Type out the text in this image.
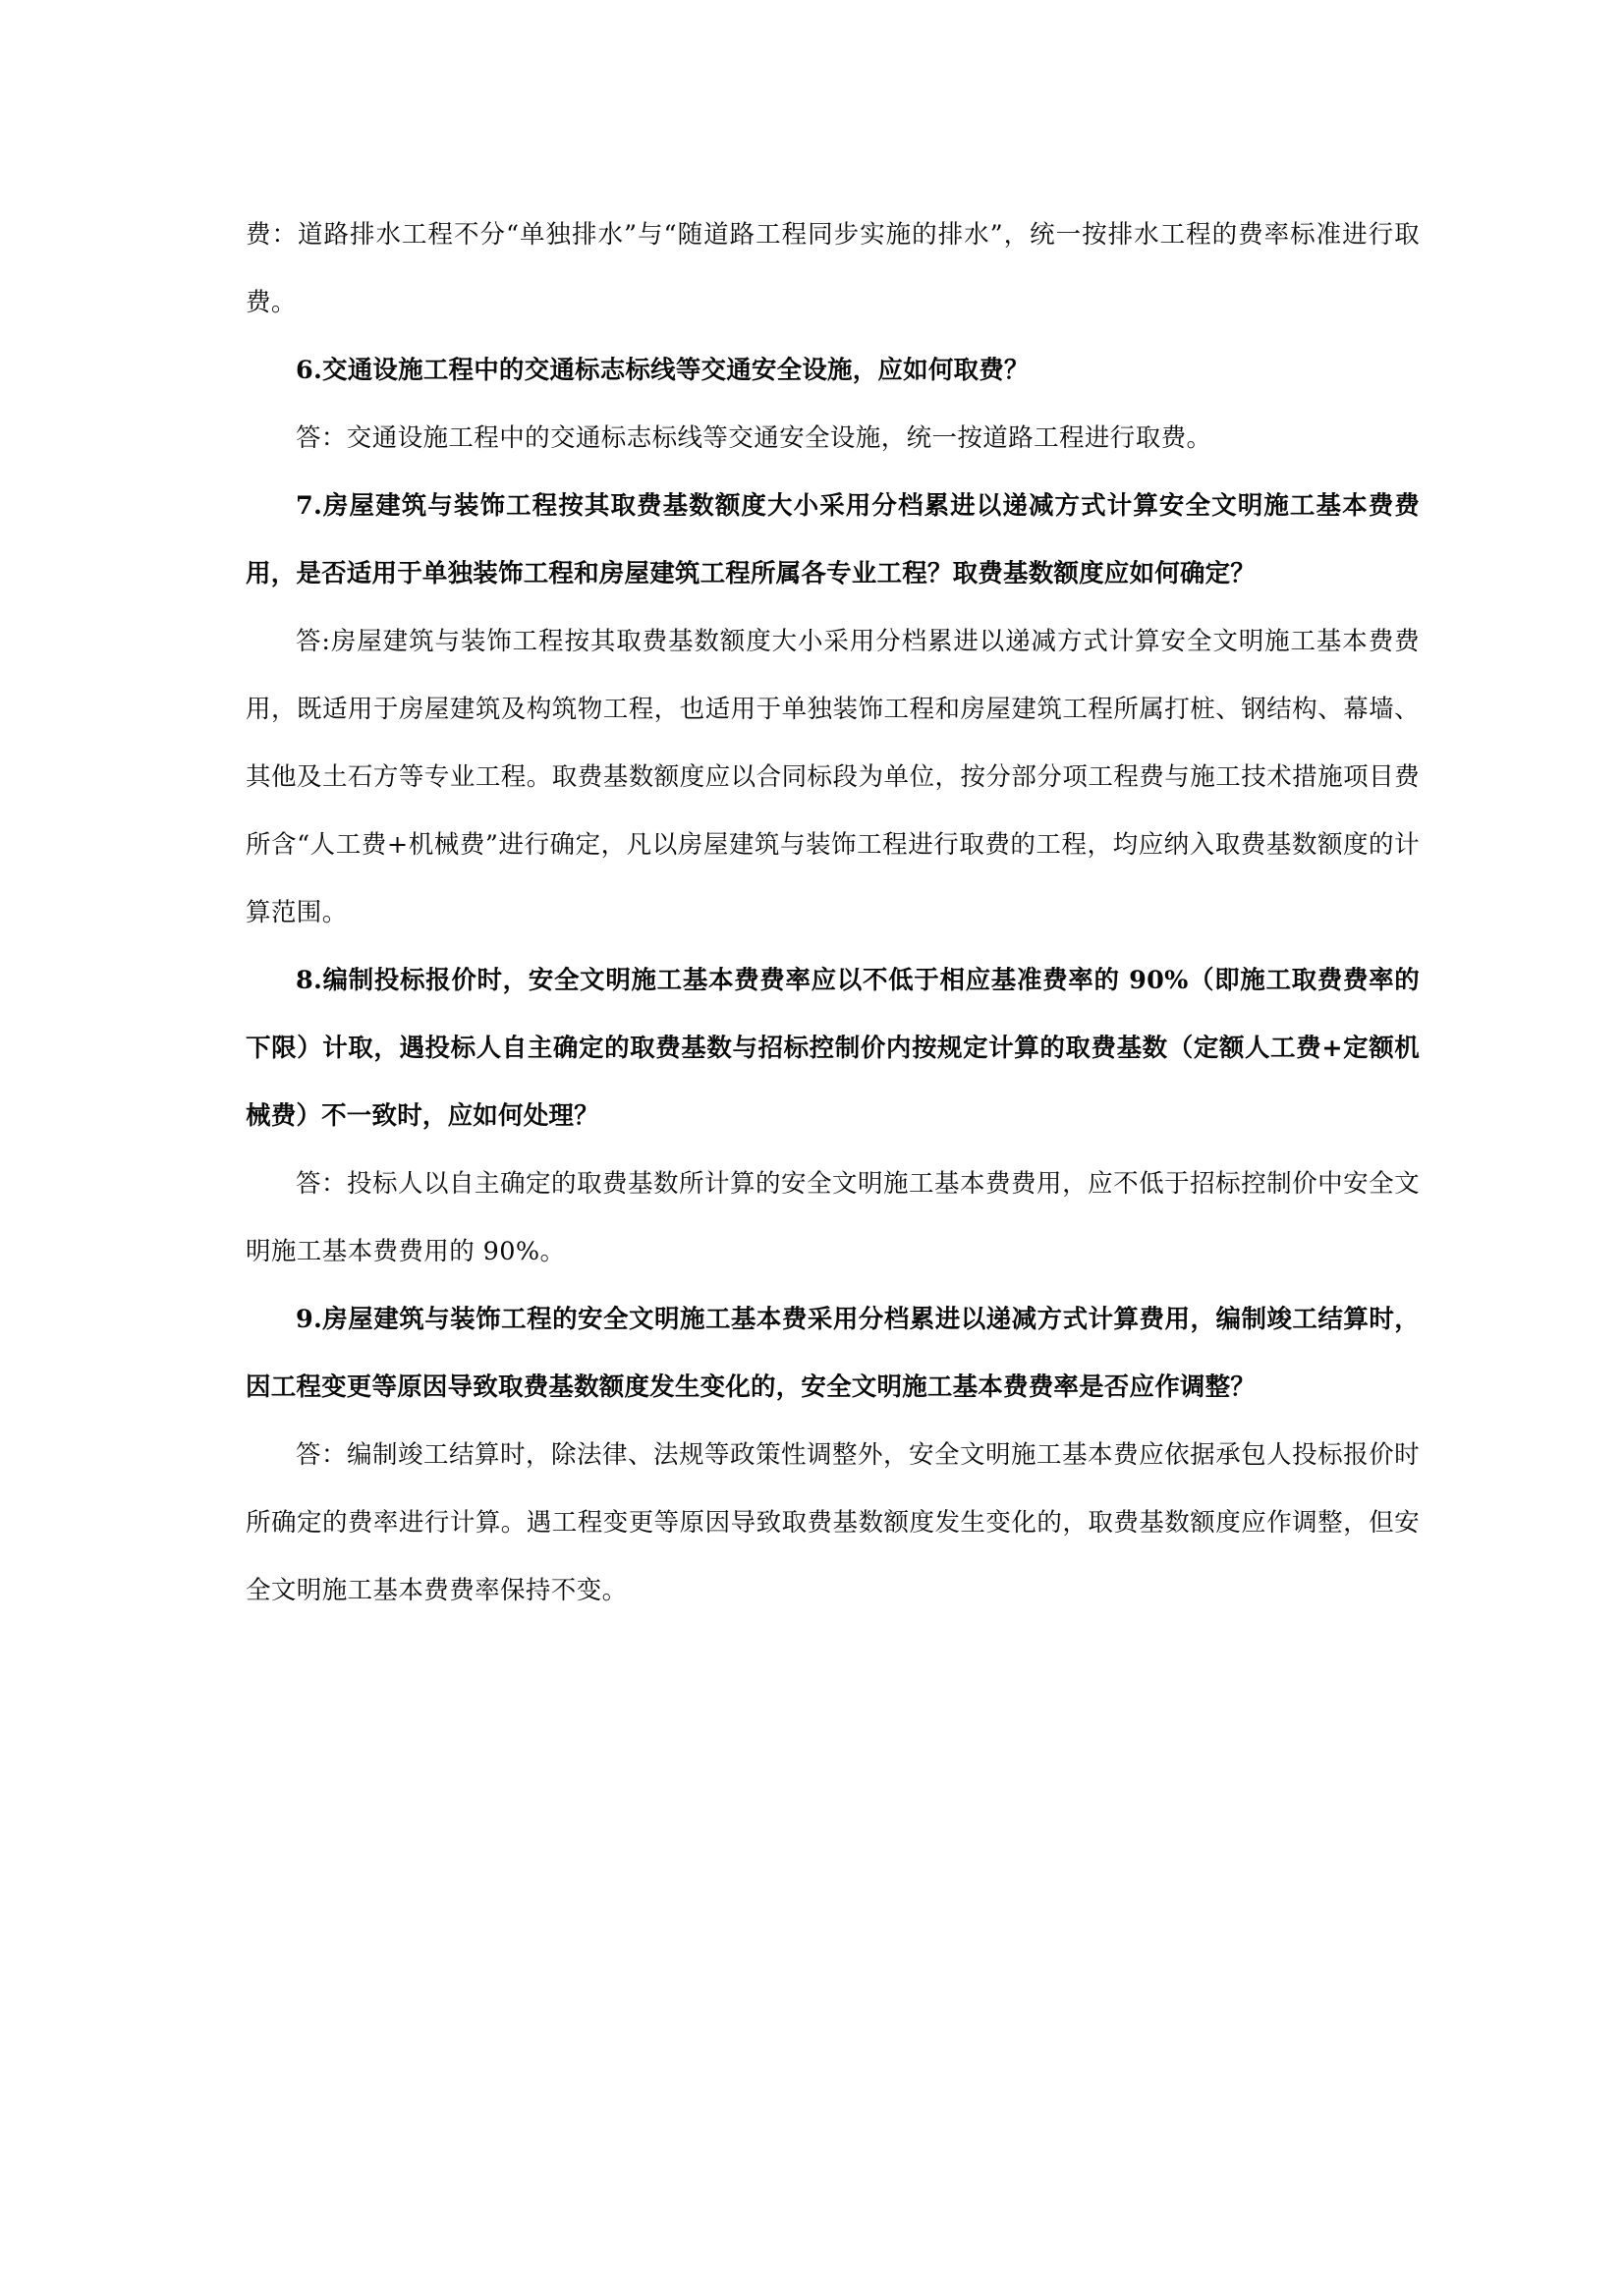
费：道路排水工程不分“单独排水”与“随道路工程同步实施的排水”，统一按排水工程的费率标准进行取费。

6.交通设施工程中的交通标志标线等交通安全设施，应如何取费？

答：交通设施工程中的交通标志标线等交通安全设施，统一按道路工程进行取费。

7.房屋建筑与装饰工程按其取费基数额度大小采用分档累进以递减方式计算安全文明施工基本费费用，是否适用于单独装饰工程和房屋建筑工程所属各专业工程？取费基数额度应如何确定？

答:房屋建筑与装饰工程按其取费基数额度大小采用分档累进以递减方式计算安全文明施工基本费费用，既适用于房屋建筑及构筑物工程，也适用于单独装饰工程和房屋建筑工程所属打桩、钢结构、幕墙、其他及土石方等专业工程。取费基数额度应以合同标段为单位，按分部分项工程费与施工技术措施项目费所含“人工费+机械费”进行确定，凡以房屋建筑与装饰工程进行取费的工程，均应纳入取费基数额度的计算范围。

8.编制投标报价时，安全文明施工基本费费率应以不低于相应基准费率的 90%（即施工取费费率的下限）计取，遇投标人自主确定的取费基数与招标控制价内按规定计算的取费基数（定额人工费+定额机械费）不一致时，应如何处理？

答：投标人以自主确定的取费基数所计算的安全文明施工基本费费用，应不低于招标控制价中安全文明施工基本费费用的 90%。

9.房屋建筑与装饰工程的安全文明施工基本费采用分档累进以递减方式计算费用，编制竣工结算时，因工程变更等原因导致取费基数额度发生变化的，安全文明施工基本费费率是否应作调整？

答：编制竣工结算时，除法律、法规等政策性调整外，安全文明施工基本费应依据承包人投标报价时所确定的费率进行计算。遇工程变更等原因导致取费基数额度发生变化的，取费基数额度应作调整，但安全文明施工基本费费率保持不变。
